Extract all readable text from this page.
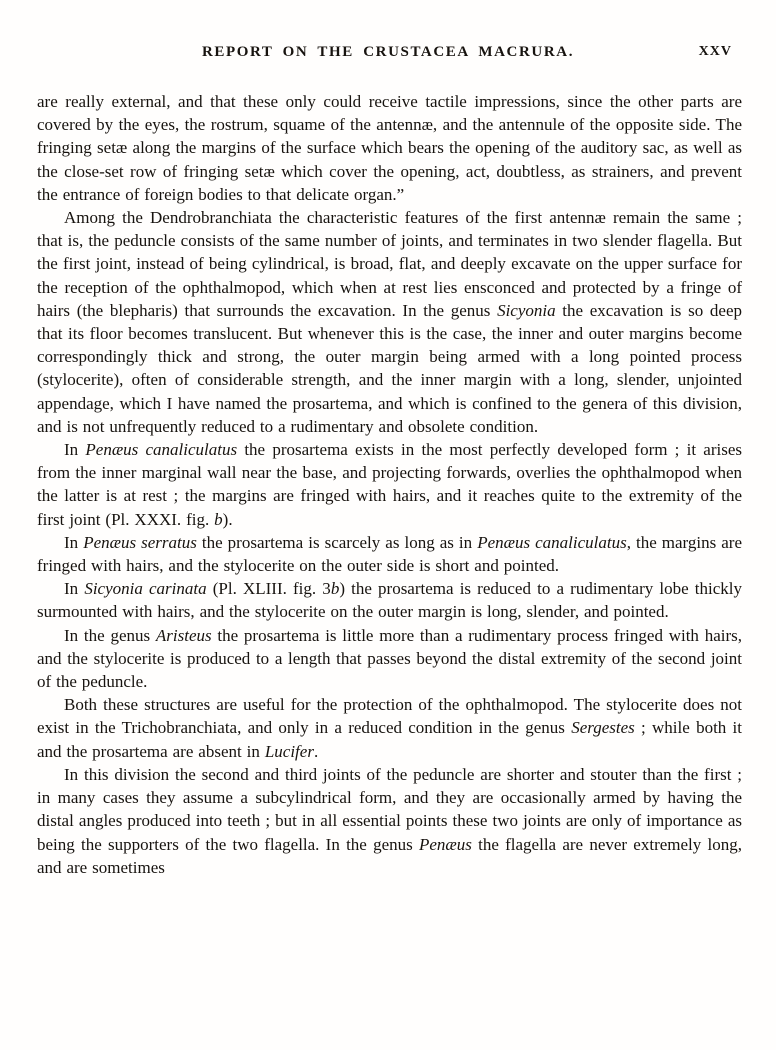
REPORT ON THE CRUSTACEA MACRURA.	XXV

are really external, and that these only could receive tactile impressions, since the other parts are covered by the eyes, the rostrum, squame of the antennæ, and the antennule of the opposite side. The fringing setæ along the margins of the surface which bears the opening of the auditory sac, as well as the close-set row of fringing setæ which cover the opening, act, doubtless, as strainers, and prevent the entrance of foreign bodies to that delicate organ.”

Among the Dendrobranchiata the characteristic features of the first antennæ remain the same ; that is, the peduncle consists of the same number of joints, and terminates in two slender flagella. But the first joint, instead of being cylindrical, is broad, flat, and deeply excavate on the upper surface for the reception of the ophthalmopod, which when at rest lies ensconced and protected by a fringe of hairs (the blepharis) that surrounds the excavation. In the genus Sicyonia the excavation is so deep that its floor becomes translucent. But whenever this is the case, the inner and outer margins become correspondingly thick and strong, the outer margin being armed with a long pointed process (stylocerite), often of considerable strength, and the inner margin with a long, slender, unjointed appendage, which I have named the prosartema, and which is confined to the genera of this division, and is not unfrequently reduced to a rudimentary and obsolete condition.

In Penæus canaliculatus the prosartema exists in the most perfectly developed form ; it arises from the inner marginal wall near the base, and projecting forwards, overlies the ophthalmopod when the latter is at rest ; the margins are fringed with hairs, and it reaches quite to the extremity of the first joint (Pl. XXXI. fig. b).

In Penæus serratus the prosartema is scarcely as long as in Penæus canaliculatus, the margins are fringed with hairs, and the stylocerite on the outer side is short and pointed.

In Sicyonia carinata (Pl. XLIII. fig. 3b) the prosartema is reduced to a rudimentary lobe thickly surmounted with hairs, and the stylocerite on the outer margin is long, slender, and pointed.

In the genus Aristeus the prosartema is little more than a rudimentary process fringed with hairs, and the stylocerite is produced to a length that passes beyond the distal extremity of the second joint of the peduncle.

Both these structures are useful for the protection of the ophthalmopod. The stylocerite does not exist in the Trichobranchiata, and only in a reduced condition in the genus Sergestes ; while both it and the prosartema are absent in Lucifer.

In this division the second and third joints of the peduncle are shorter and stouter than the first ; in many cases they assume a subcylindrical form, and they are occasionally armed by having the distal angles produced into teeth ; but in all essential points these two joints are only of importance as being the supporters of the two flagella. In the genus Penæus the flagella are never extremely long, and are sometimes
